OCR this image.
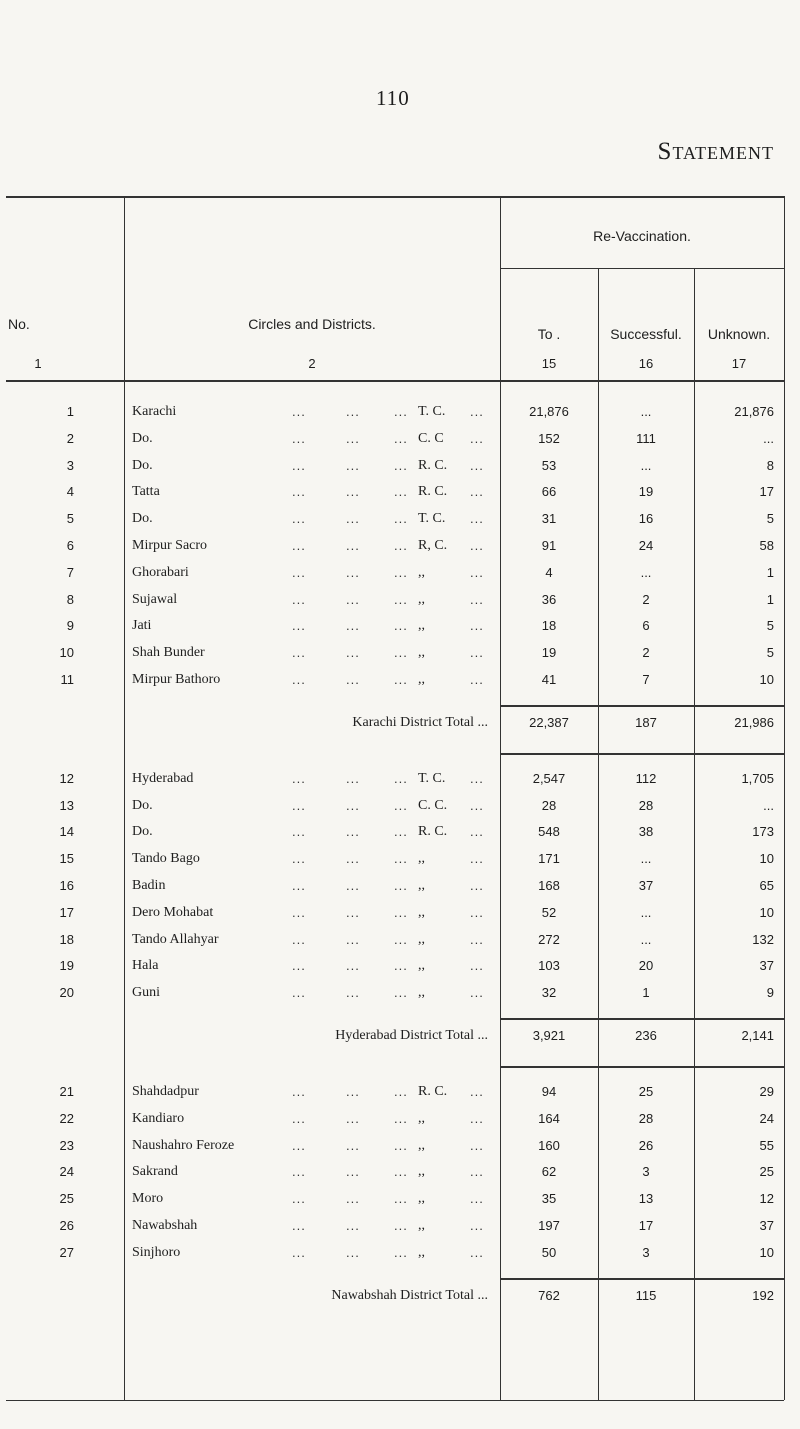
110
Statement
Re-Vaccination.
No.	Circles and Districts.
To .	Successful.	Unknown.
1	2	15	16	17
1	Karachi	...	...	... T. C.	...	21,876	...	21,876
2	Do.	...	...	... C. C	...	152	111	...
3	Do.	...	...	... R. C.	...	53	...	8
4	Tatta	...	...	... R. C.	...	66	19	17
5	Do.	...	...	... T. C.	...	31	16	5
6	Mirpur Sacro	...	...	... R, C.	...	91	24	58
7	Ghorabari	...	...	... ,,	...	4	...	1
8	Sujawal	...	...	... ,,	...	36	2	1
9	Jati	...	...	... ,,	...	18	6	5
10	Shah Bunder	...	...	... ,,	...	19	2	5
11	Mirpur Bathoro	...	...	... ,,	...	41	7	10
Karachi District Total ...	22,387	187	21,986
12	Hyderabad	...	...	... T. C.	...	2,547	112	1,705
13	Do.	...	...	... C. C.	...	28	28	...
14	Do.	...	...	... R. C.	...	548	38	173
15	Tando Bago	...	...	... ,,	...	171	...	10
16	Badin	...	...	... ,,	...	168	37	65
17	Dero Mohabat	...	...	... ,,	...	52	...	10
18	Tando Allahyar	...	...	... ,,	...	272	...	132
19	Hala	...	...	... ,,	...	103	20	37
20	Guni	...	...	... ,,	...	32	1	9
Hyderabad District Total ...	3,921	236	2,141
21	Shahdadpur	...	...	... R. C.	...	94	25	29
22	Kandiaro	...	...	... ,,	...	164	28	24
23	Naushahro Feroze	...	...	... ,,	...	160	26	55
24	Sakrand	...	...	... ,,	...	62	3	25
25	Moro	...	...	... ,,	...	35	13	12
26	Nawabshah	...	...	... ,,	...	197	17	37
27	Sinjhoro	...	...	... ,,	...	50	3	10
Nawabshah District Total ...	762	115	192
